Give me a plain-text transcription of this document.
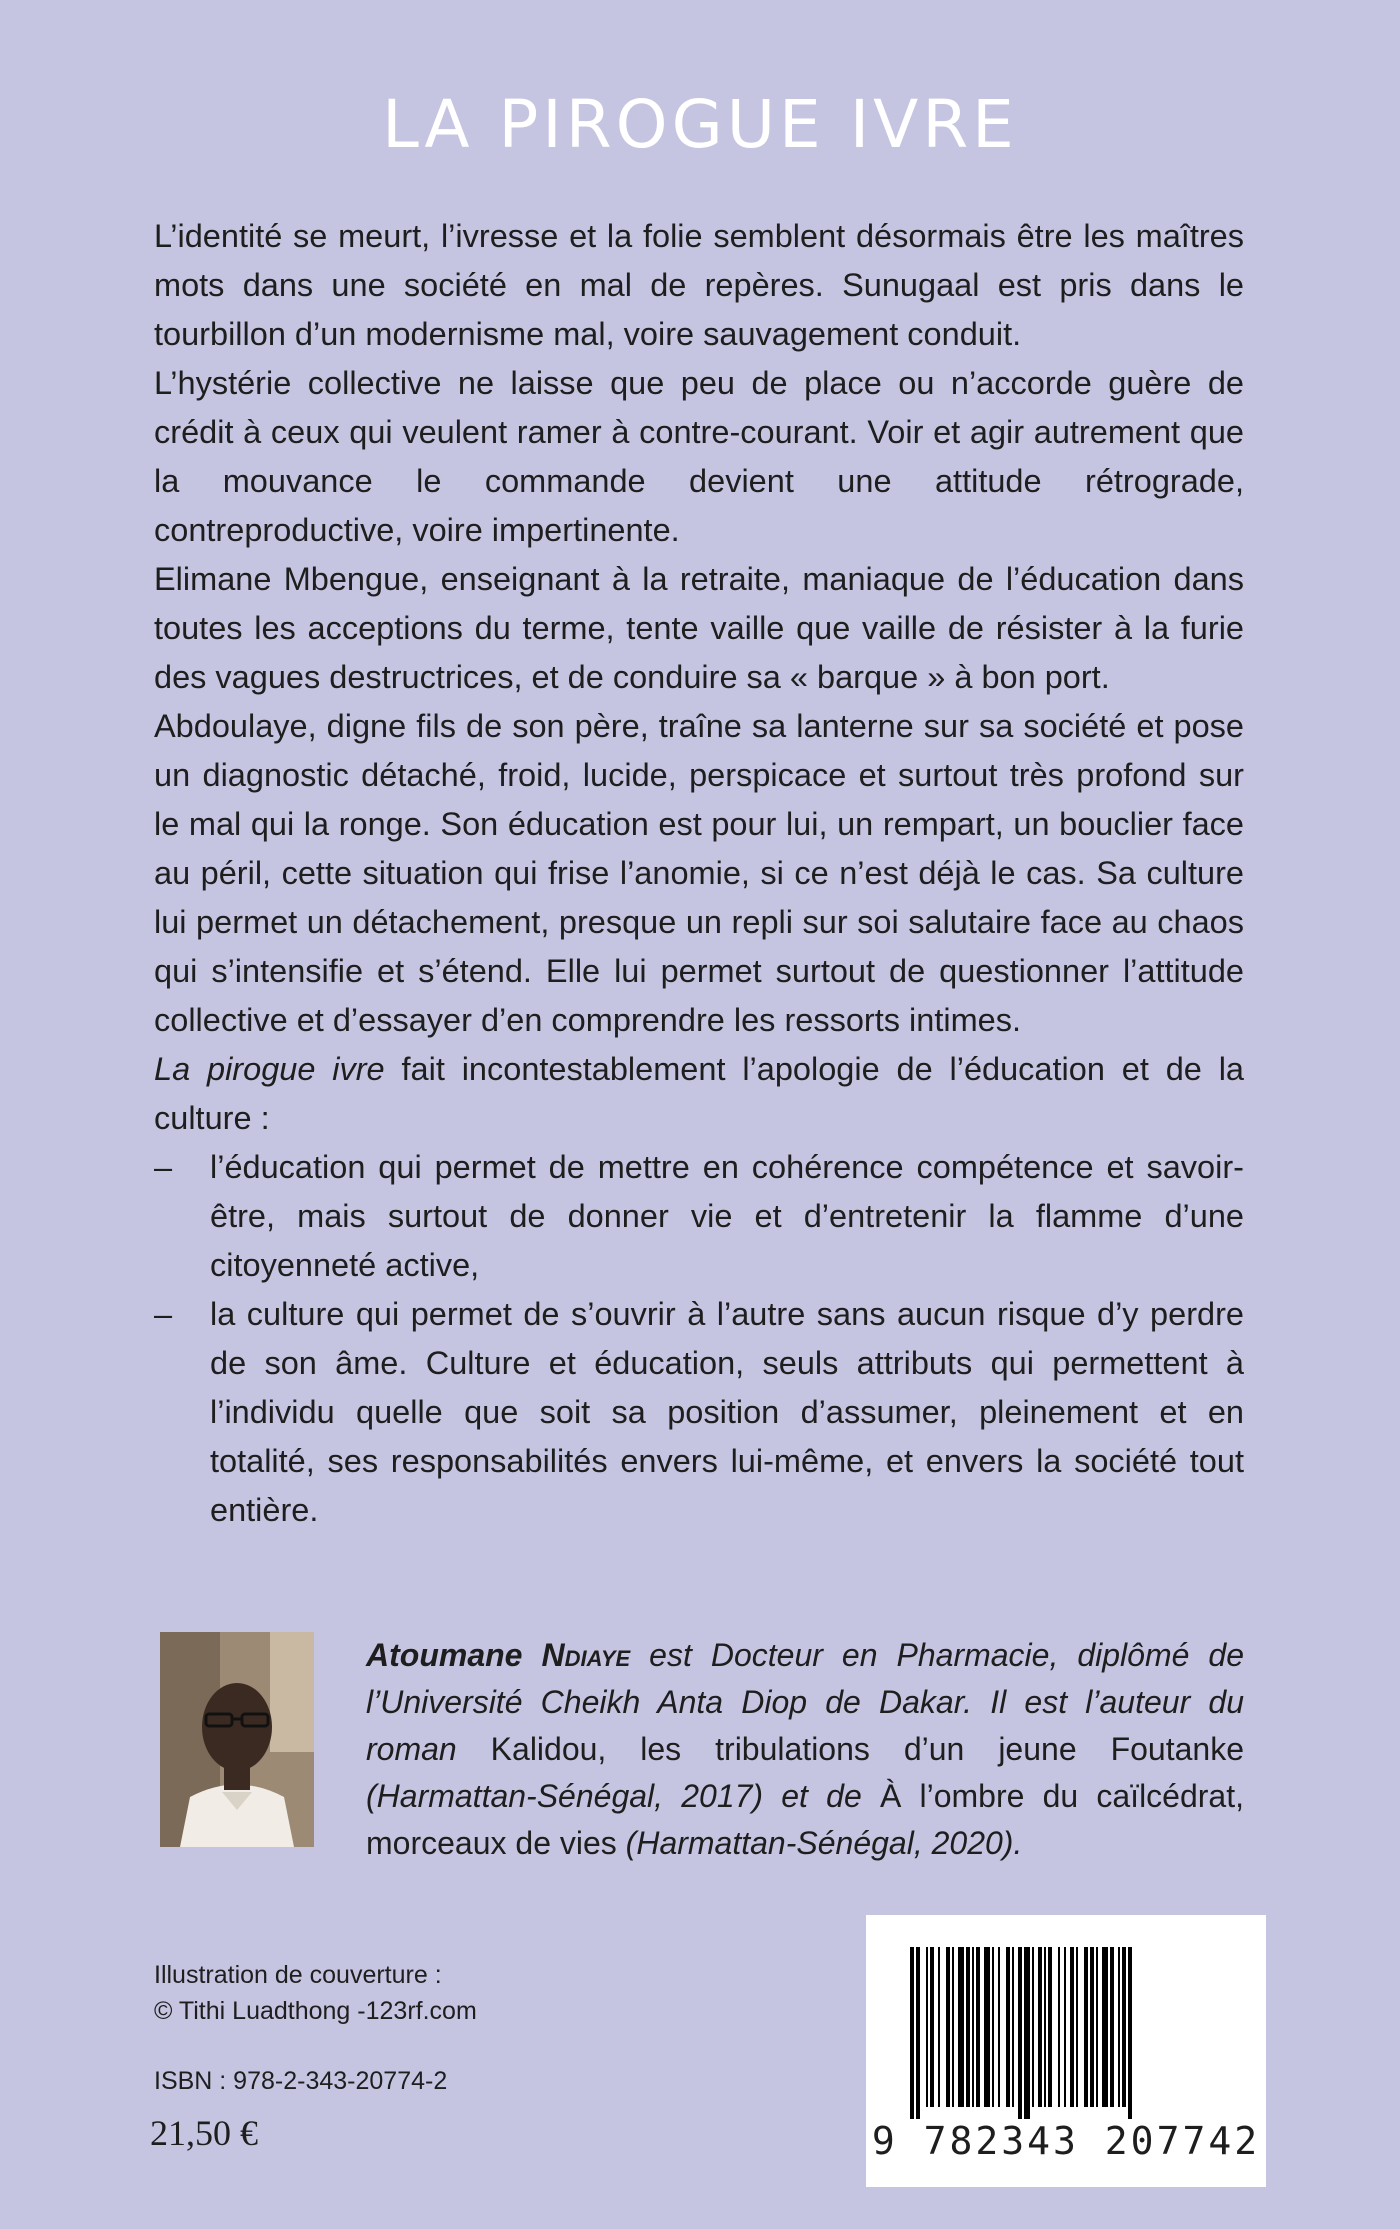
LA PIROGUE IVRE

L’identité se meurt, l’ivresse et la folie semblent désormais être les maîtres mots dans une société en mal de repères. Sunugaal est pris dans le tourbillon d’un modernisme mal, voire sauvagement conduit.

L’hystérie collective ne laisse que peu de place ou n’accorde guère de crédit à ceux qui veulent ramer à contre-courant. Voir et agir autrement que la mouvance le commande devient une attitude rétrograde, contreproductive, voire impertinente.

Elimane Mbengue, enseignant à la retraite, maniaque de l’éducation dans toutes les acceptions du terme, tente vaille que vaille de résister à la furie des vagues destructrices, et de conduire sa « barque » à bon port.

Abdoulaye, digne fils de son père, traîne sa lanterne sur sa société et pose un diagnostic détaché, froid, lucide, perspicace et surtout très profond sur le mal qui la ronge. Son éducation est pour lui, un rempart, un bouclier face au péril, cette situation qui frise l’anomie, si ce n’est déjà le cas. Sa culture lui permet un détachement, presque un repli sur soi salutaire face au chaos qui s’intensifie et s’étend. Elle lui permet surtout de questionner l’attitude collective et d’essayer d’en comprendre les ressorts intimes.

La pirogue ivre fait incontestablement l’apologie de l’éducation et de la culture :

– l’éducation qui permet de mettre en cohérence compétence et savoir-être, mais surtout de donner vie et d’entretenir la flamme d’une citoyenneté active,
– la culture qui permet de s’ouvrir à l’autre sans aucun risque d’y perdre de son âme. Culture et éducation, seuls attributs qui permettent à l’individu quelle que soit sa position d’assumer, pleinement et en totalité, ses responsabilités envers lui-même, et envers la société tout entière.
Atoumane Ndiaye est Docteur en Pharmacie, diplômé de l’Université Cheikh Anta Diop de Dakar. Il est l’auteur du roman Kalidou, les tribulations d’un jeune Foutanke (Harmattan-Sénégal, 2017) et de À l’ombre du caïlcédrat, morceaux de vies (Harmattan-Sénégal, 2020).
Illustration de couverture :
© Tithi Luadthong -123rf.com
ISBN : 978-2-343-20774-2
21,50 €	9 782343 207742
